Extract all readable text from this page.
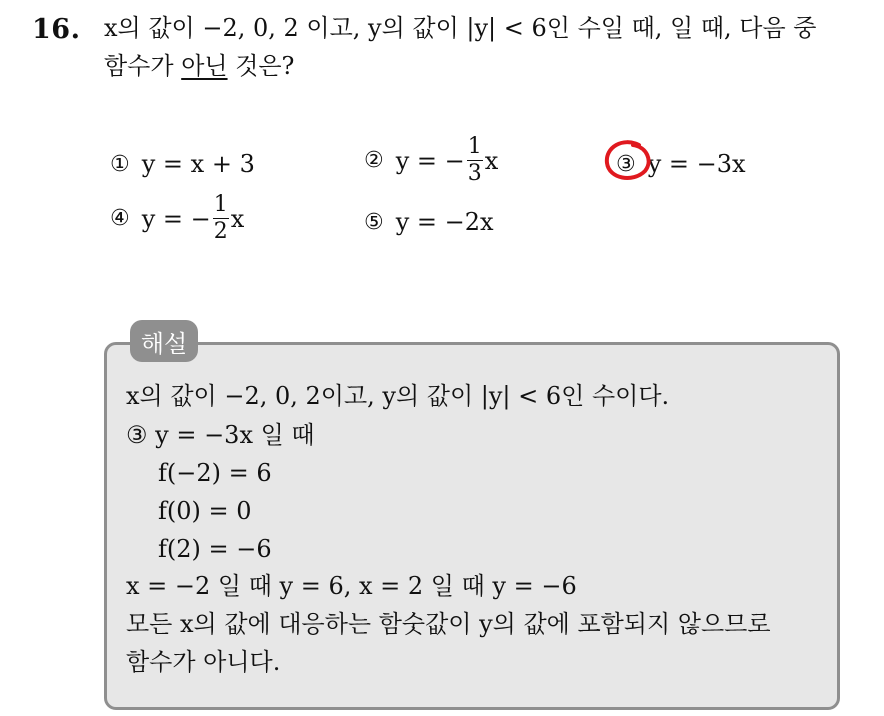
16. x의 값이 −2, 0, 2 이고, y의 값이 |y| < 6인 수일 때, 일 때, 다음 중
함수가 아닌 것은?
① y = x + 3	② y = − $\frac{1}{3}$ x	③ y = −3x
④ y = − $\frac{1}{2}$ x	⑤ y = −2x
해설
x의 값이 −2, 0, 2이고, y의 값이 |y| < 6인 수이다.
③ y = −3x 일 때
f(−2) = 6
f(0) = 0
f(2) = −6
x = −2 일 때 y = 6, x = 2 일 때 y = −6
모든 x의 값에 대응하는 함숫값이 y의 값에 포함되지 않으므로
함수가 아니다.
